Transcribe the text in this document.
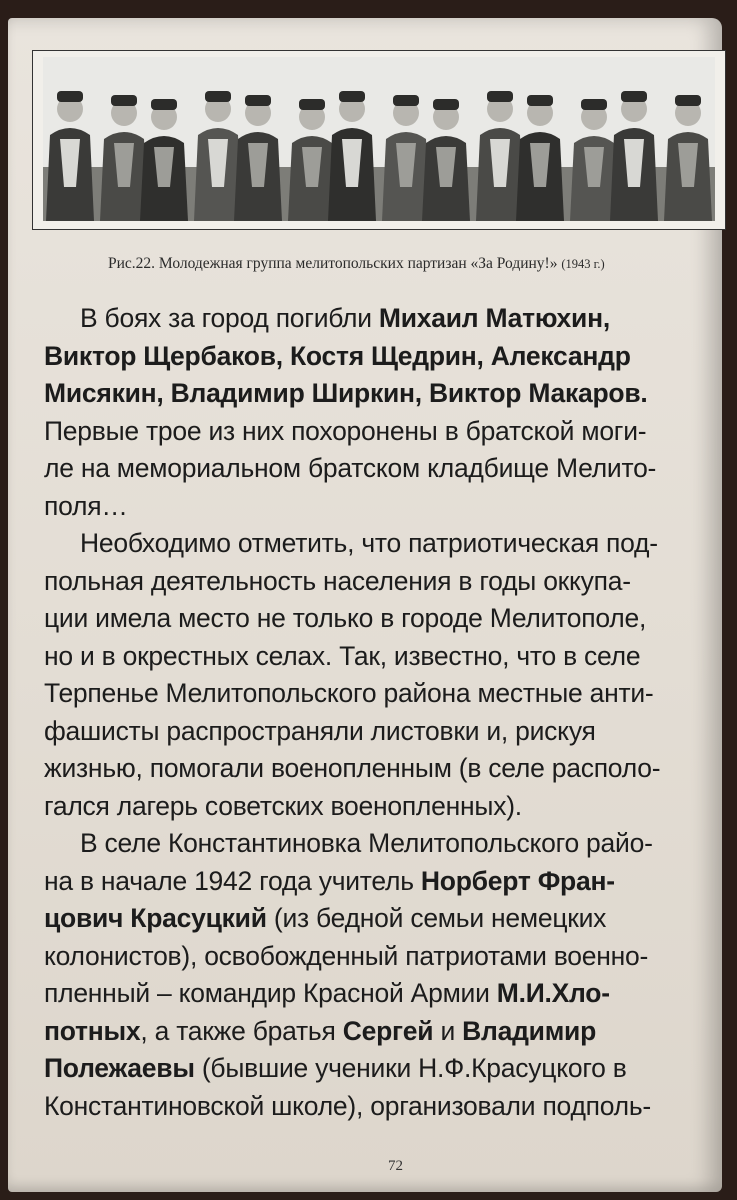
Рис.22. Молодежная группа мелитопольских партизан «За Родину!» (1943 г.)

В боях за город погибли Михаил Матюхин,
Виктор Щербаков, Костя Щедрин, Александр
Мисякин, Владимир Ширкин, Виктор Макаров.
Первые трое из них похоронены в братской моги-
ле на мемориальном братском кладбище Мелито-
поля…

Необходимо отметить, что патриотическая под-
польная деятельность населения в годы оккупа-
ции имела место не только в городе Мелитополе,
но и в окрестных селах. Так, известно, что в селе
Терпенье Мелитопольского района местные анти-
фашисты распространяли листовки и, рискуя
жизнью, помогали военопленным (в селе располо-
гался лагерь советских военопленных).

В селе Константиновка Мелитопольского райо-
на в начале 1942 года учитель Норберт Фран-
цович Красуцкий (из бедной семьи немецких
колонистов), освобожденный патриотами военно-
пленный – командир Красной Армии М.И.Хло-
потных, а также братья Сергей и Владимир
Полежаевы (бывшие ученики Н.Ф.Красуцкого в
Константиновской школе), организовали подполь-

72
